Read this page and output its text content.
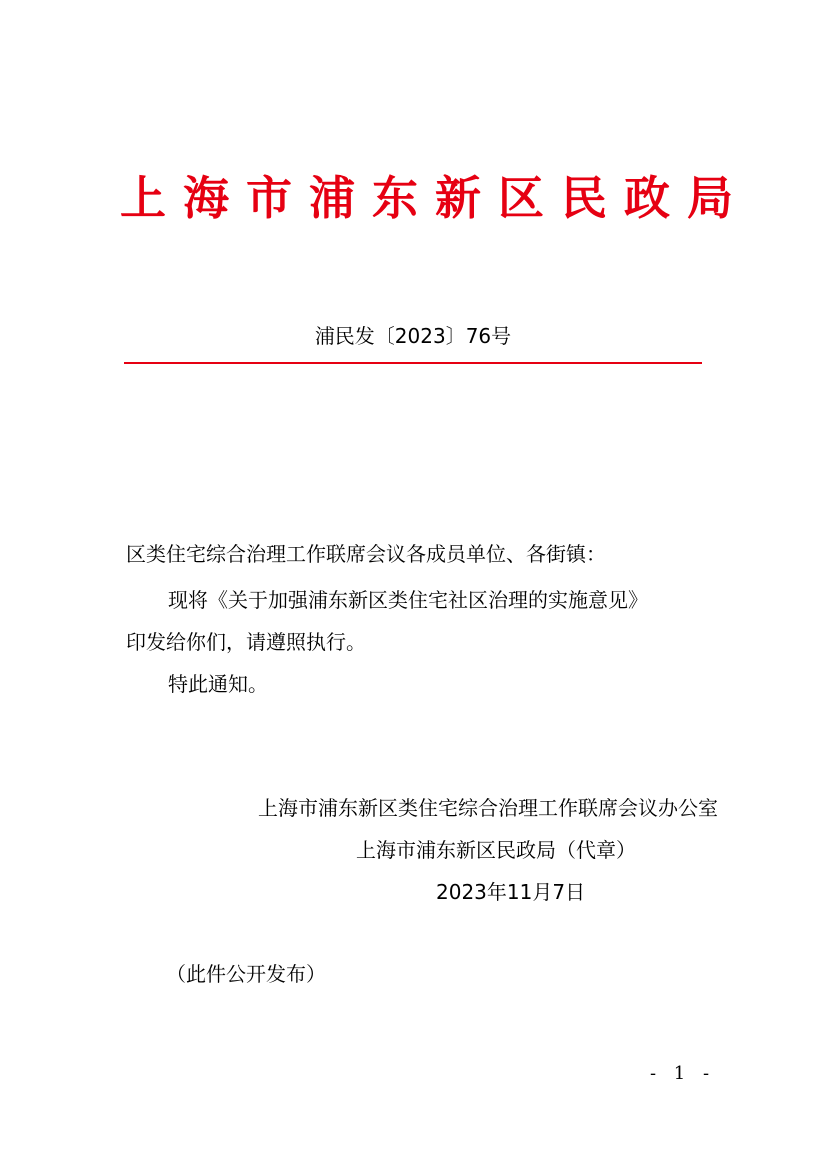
上海市浦东新区民政局
浦民发〔2023〕76号
区类住宅综合治理工作联席会议各成员单位、各街镇：
现将《关于加强浦东新区类住宅社区治理的实施意见》
印发给你们，请遵照执行。
特此通知。
上海市浦东新区类住宅综合治理工作联席会议办公室
上海市浦东新区民政局（代章）
2023年11月7日
（此件公开发布）
- 1 -
